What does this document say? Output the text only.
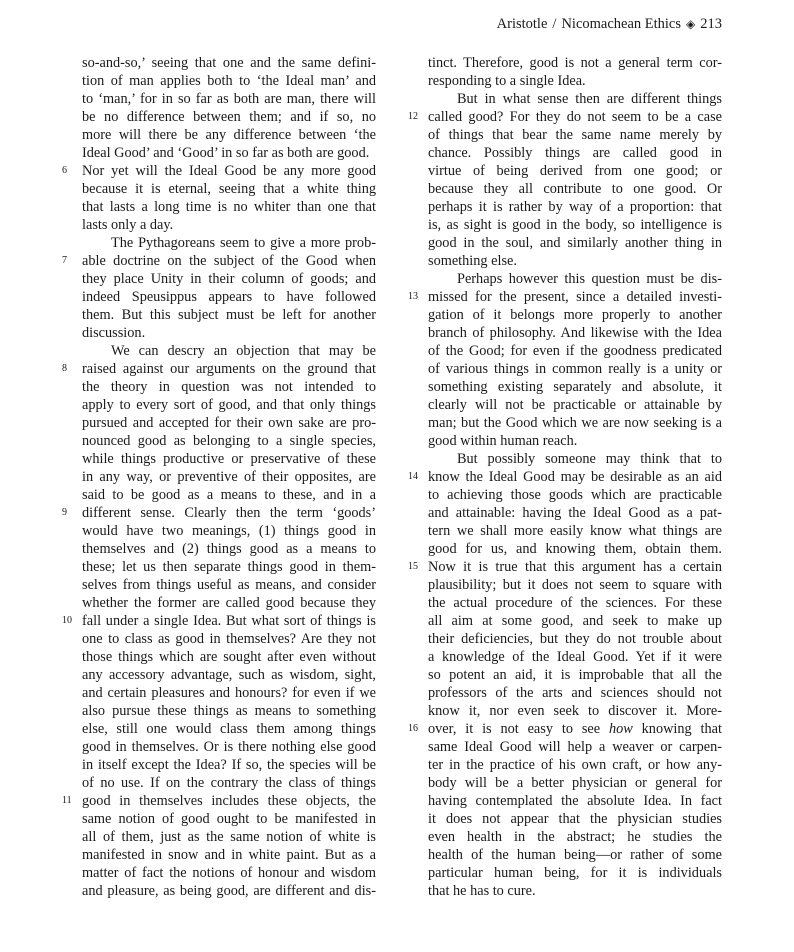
Aristotle / Nicomachean Ethics ◈ 213
so-and-so,’ seeing that one and the same defini-
tion of man applies both to ‘the Ideal man’ and
to ‘man,’ for in so far as both are man, there will
be no difference between them; and if so, no
more will there be any difference between ‘the
Ideal Good’ and ‘Good’ in so far as both are good.
6	Nor yet will the Ideal Good be any more good
because it is eternal, seeing that a white thing
that lasts a long time is no whiter than one that
lasts only a day.
The Pythagoreans seem to give a more prob-
7	able doctrine on the subject of the Good when
they place Unity in their column of goods; and
indeed Speusippus appears to have followed
them. But this subject must be left for another
discussion.
We can descry an objection that may be
8	raised against our arguments on the ground that
the theory in question was not intended to
apply to every sort of good, and that only things
pursued and accepted for their own sake are pro-
nounced good as belonging to a single species,
while things productive or preservative of these
in any way, or preventive of their opposites, are
said to be good as a means to these, and in a
9	different sense. Clearly then the term ‘goods’
would have two meanings, (1) things good in
themselves and (2) things good as a means to
these; let us then separate things good in them-
selves from things useful as means, and consider
whether the former are called good because they
10 fall under a single Idea. But what sort of things is
one to class as good in themselves? Are they not
those things which are sought after even without
any accessory advantage, such as wisdom, sight,
and certain pleasures and honours? for even if we
also pursue these things as means to something
else, still one would class them among things
good in themselves. Or is there nothing else good
in itself except the Idea? If so, the species will be
of no use. If on the contrary the class of things
11 good in themselves includes these objects, the
same notion of good ought to be manifested in
all of them, just as the same notion of white is
manifested in snow and in white paint. But as a
matter of fact the notions of honour and wisdom
and pleasure, as being good, are different and dis-
tinct. Therefore, good is not a general term cor-
responding to a single Idea.
But in what sense then are different things
12 called good? For they do not seem to be a case
of things that bear the same name merely by
chance. Possibly things are called good in
virtue of being derived from one good; or
because they all contribute to one good. Or
perhaps it is rather by way of a proportion: that
is, as sight is good in the body, so intelligence is
good in the soul, and similarly another thing in
something else.
Perhaps however this question must be dis-
13 missed for the present, since a detailed investi-
gation of it belongs more properly to another
branch of philosophy. And likewise with the Idea
of the Good; for even if the goodness predicated
of various things in common really is a unity or
something existing separately and absolute, it
clearly will not be practicable or attainable by
man; but the Good which we are now seeking is a
good within human reach.
But possibly someone may think that to
14 know the Ideal Good may be desirable as an aid
to achieving those goods which are practicable
and attainable: having the Ideal Good as a pat-
tern we shall more easily know what things are
good for us, and knowing them, obtain them.
15 Now it is true that this argument has a certain
plausibility; but it does not seem to square with
the actual procedure of the sciences. For these
all aim at some good, and seek to make up
their deficiencies, but they do not trouble about
a knowledge of the Ideal Good. Yet if it were
so potent an aid, it is improbable that all the
professors of the arts and sciences should not
know it, nor even seek to discover it. More-
16 over, it is not easy to see how knowing that
same Ideal Good will help a weaver or carpen-
ter in the practice of his own craft, or how any-
body will be a better physician or general for
having contemplated the absolute Idea. In fact
it does not appear that the physician studies
even health in the abstract; he studies the
health of the human being—or rather of some
particular human being, for it is individuals
that he has to cure.
